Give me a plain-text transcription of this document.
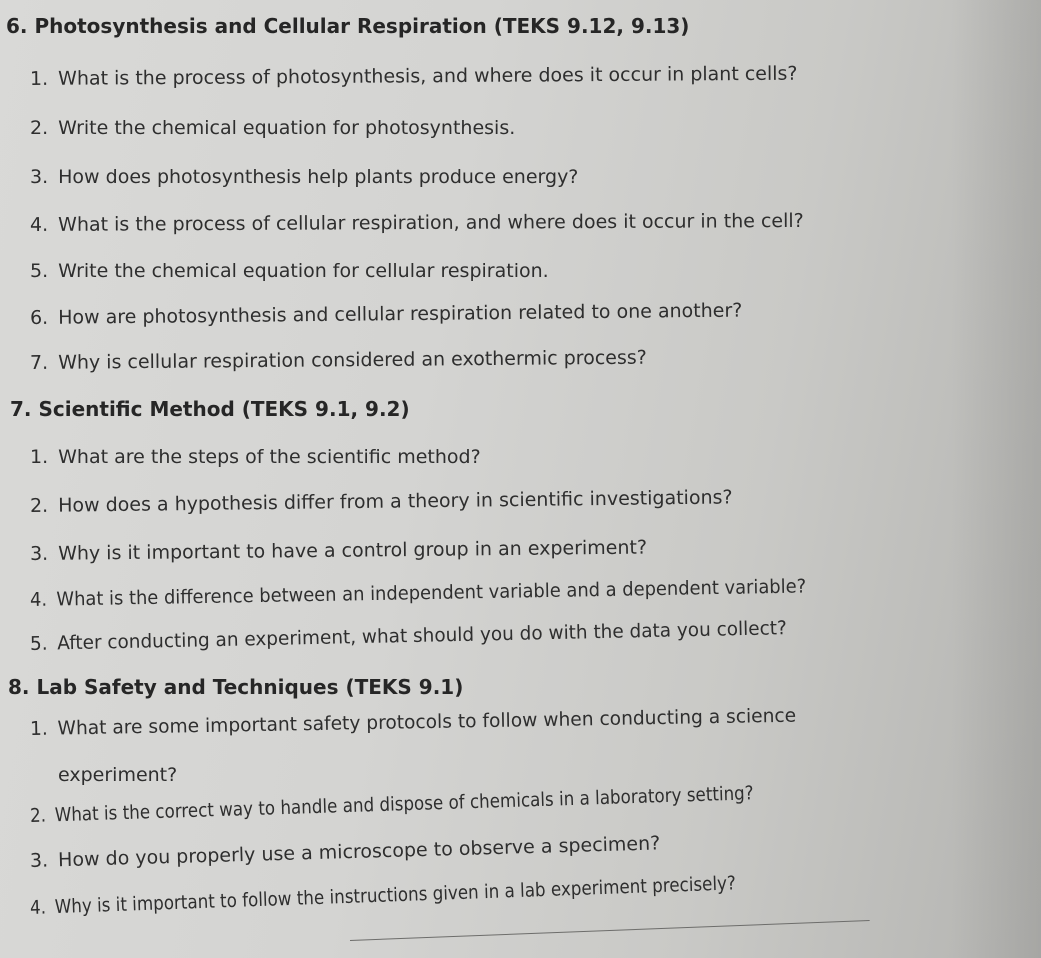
6. Photosynthesis and Cellular Respiration (TEKS 9.12, 9.13)

1. What is the process of photosynthesis, and where does it occur in plant cells?

2. Write the chemical equation for photosynthesis.

3. How does photosynthesis help plants produce energy?

4. What is the process of cellular respiration, and where does it occur in the cell?

5. Write the chemical equation for cellular respiration.

6. How are photosynthesis and cellular respiration related to one another?

7. Why is cellular respiration considered an exothermic process?

7. Scientific Method (TEKS 9.1, 9.2)

1. What are the steps of the scientific method?

2. How does a hypothesis differ from a theory in scientific investigations?

3. Why is it important to have a control group in an experiment?

4. What is the difference between an independent variable and a dependent variable?

5. After conducting an experiment, what should you do with the data you collect?

8. Lab Safety and Techniques (TEKS 9.1)

1. What are some important safety protocols to follow when conducting a science

experiment?

2. What is the correct way to handle and dispose of chemicals in a laboratory setting?

3. How do you properly use a microscope to observe a specimen?

4. Why is it important to follow the instructions given in a lab experiment precisely?
